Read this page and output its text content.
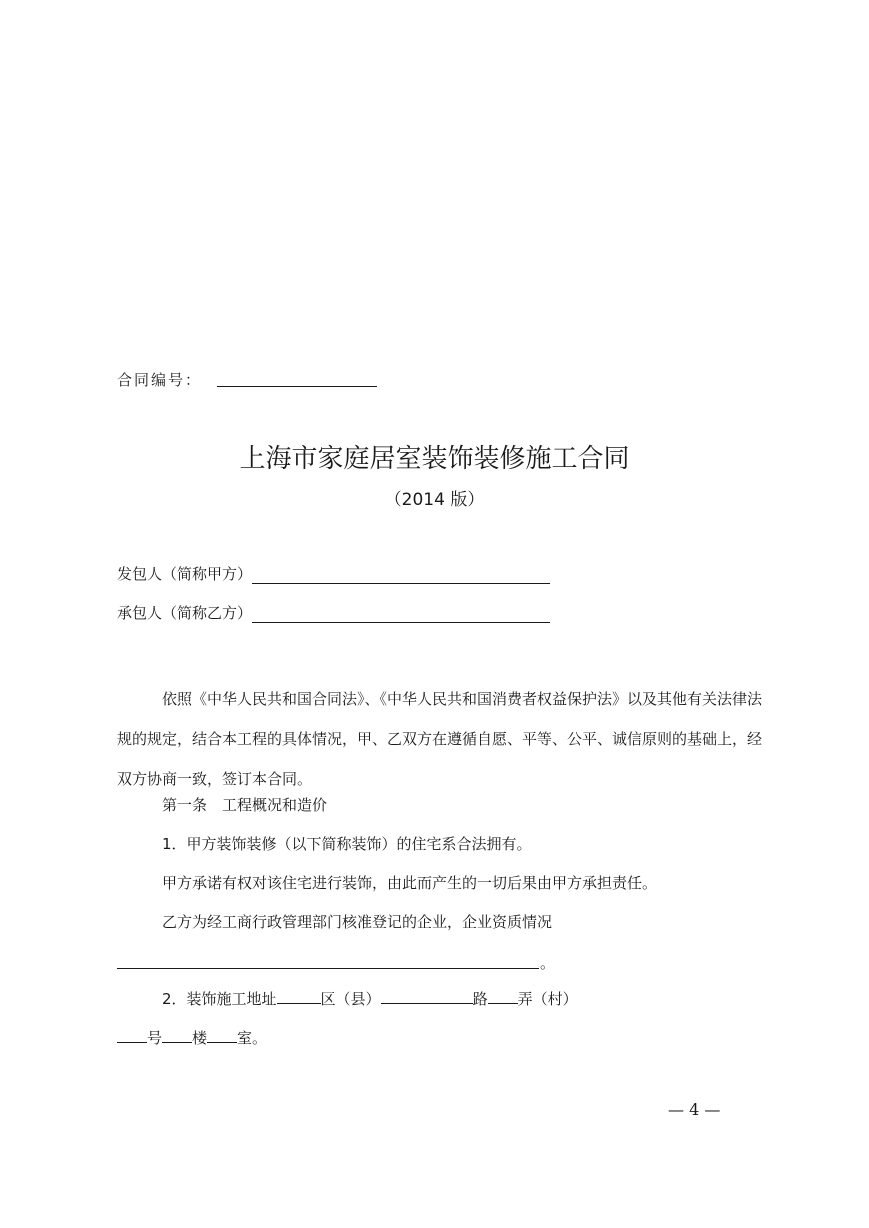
合同编号：
上海市家庭居室装饰装修施工合同
（2014 版）
发包人（简称甲方）
承包人（简称乙方）
依照《中华人民共和国合同法》、《中华人民共和国消费者权益保护法》以及其他有关法律法规的规定，结合本工程的具体情况，甲、乙双方在遵循自愿、平等、公平、诚信原则的基础上，经双方协商一致，签订本合同。
第一条　工程概况和造价
1．甲方装饰装修（以下简称装饰）的住宅系合法拥有。
甲方承诺有权对该住宅进行装饰，由此而产生的一切后果由甲方承担责任。
乙方为经工商行政管理部门核准登记的企业，企业资质情况
。
2．装饰施工地址	区（县）	路 弄（村）
号 楼 室。
— 4 —
